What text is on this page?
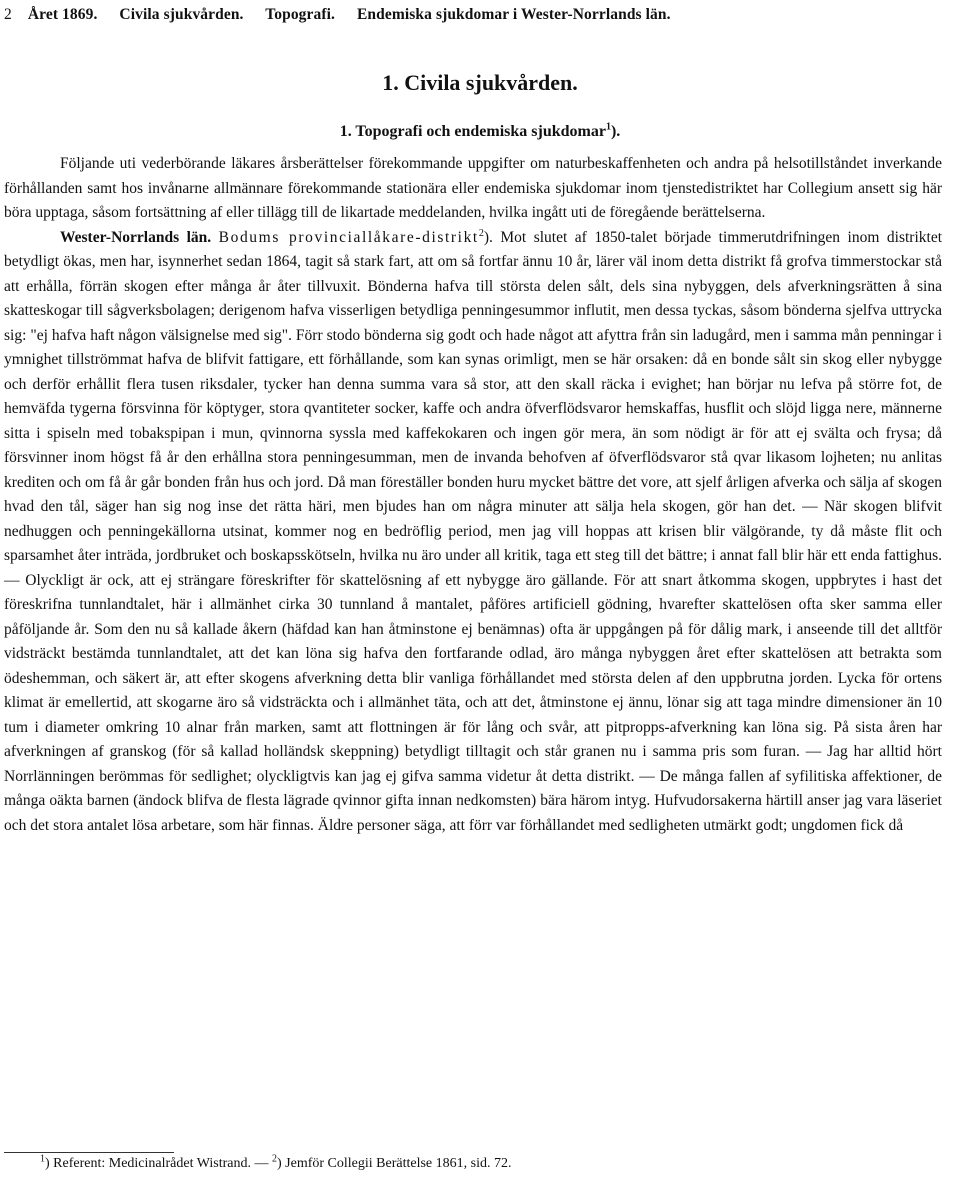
2 Året 1869. Civila sjukvården. Topografi. Endemiska sjukdomar i Wester-Norrlands län.
1. Civila sjukvården.
1. Topografi och endemiska sjukdomar$^1$).

Följande uti vederbörande läkares årsberättelser förekommande uppgifter om naturbeskaffenheten och andra på helsotillståndet inverkande förhållanden samt hos invånarne allmännare förekommande stationära eller endemiska sjukdomar inom tjenstedistriktet har Collegium ansett sig här böra upptaga, såsom fortsättning af eller tillägg till de likartade meddelanden, hvilka ingått uti de föregående berättelserna.

Wester-Norrlands län. Bodums provinciallåkare-distrikt$^2$). Mot slutet af 1850-talet började timmerutdrifningen inom distriktet betydligt ökas, men har, isynnerhet sedan 1864, tagit så stark fart, att om så fortfar ännu 10 år, lärer väl inom detta distrikt få grofva timmerstockar stå att erhålla, förrän skogen efter många år åter tillvuxit. Bönderna hafva till största delen sålt, dels sina nybyggen, dels afverkningsrätten å sina skatteskogar till sågverksbolagen; derigenom hafva visserligen betydliga penningesummor influtit, men dessa tyckas, såsom bönderna sjelfva uttrycka sig: "ej hafva haft någon välsignelse med sig". Förr stodo bönderna sig godt och hade något att afyttra från sin ladugård, men i samma mån penningar i ymnighet tillströmmat hafva de blifvit fattigare, ett förhållande, som kan synas orimligt, men se här orsaken: då en bonde sålt sin skog eller nybygge och derför erhållit flera tusen riksdaler, tycker han denna summa vara så stor, att den skall räcka i evighet; han börjar nu lefva på större fot, de hemväfda tygerna försvinna för köptyger, stora qvantiteter socker, kaffe och andra öfverflödsvaror hemskaffas, husflit och slöjd ligga nere, männerne sitta i spiseln med tobakspipan i mun, qvinnorna syssla med kaffekokaren och ingen gör mera, än som nödigt är för att ej svälta och frysa; då försvinner inom högst få år den erhållna stora penningesumman, men de invanda behofven af öfverflödsvaror stå qvar likasom lojheten; nu anlitas krediten och om få år går bonden från hus och jord. Då man föreställer bonden huru mycket bättre det vore, att sjelf årligen afverka och sälja af skogen hvad den tål, säger han sig nog inse det rätta häri, men bjudes han om några minuter att sälja hela skogen, gör han det. — När skogen blifvit nedhuggen och penningekällorna utsinat, kommer nog en bedröflig period, men jag vill hoppas att krisen blir välgörande, ty då måste flit och sparsamhet åter inträda, jordbruket och boskapsskötseln, hvilka nu äro under all kritik, taga ett steg till det bättre; i annat fall blir här ett enda fattighus. — Olyckligt är ock, att ej strängare föreskrifter för skattelösning af ett nybygge äro gällande. För att snart åtkomma skogen, uppbrytes i hast det föreskrifna tunnlandtalet, här i allmänhet cirka 30 tunnland å mantalet, påföres artificiell gödning, hvarefter skattelösen ofta sker samma eller påföljande år. Som den nu så kallade åkern (häfdad kan han åtminstone ej benämnas) ofta är uppgången på för dålig mark, i anseende till det alltför vidsträckt bestämda tunnlandtalet, att det kan löna sig hafva den fortfarande odlad, äro många nybyggen året efter skattelösen att betrakta som ödeshemman, och säkert är, att efter skogens afverkning detta blir vanliga förhållandet med största delen af den uppbrutna jorden. Lycka för ortens klimat är emellertid, att skogarne äro så vidsträckta och i allmänhet täta, och att det, åtminstone ej ännu, lönar sig att taga mindre dimensioner än 10 tum i diameter omkring 10 alnar från marken, samt att flottningen är för lång och svår, att pitpropps-afverkning kan löna sig. På sista åren har afverkningen af granskog (för så kallad holländsk skeppning) betydligt tilltagit och står granen nu i samma pris som furan. — Jag har alltid hört Norrlänningen berömmas för sedlighet; olyckligtvis kan jag ej gifva samma videtur åt detta distrikt. — De många fallen af syfilitiska affektioner, de många oäkta barnen (ändock blifva de flesta lägrade qvinnor gifta innan nedkomsten) bära härom intyg. Hufvudorsakerna härtill anser jag vara läseriet och det stora antalet lösa arbetare, som här finnas. Äldre personer säga, att förr var förhållandet med sedligheten utmärkt godt; ungdomen fick då

$^1$) Referent: Medicinalrådet Wistrand. — $^2$) Jemför Collegii Berättelse 1861, sid. 72.
